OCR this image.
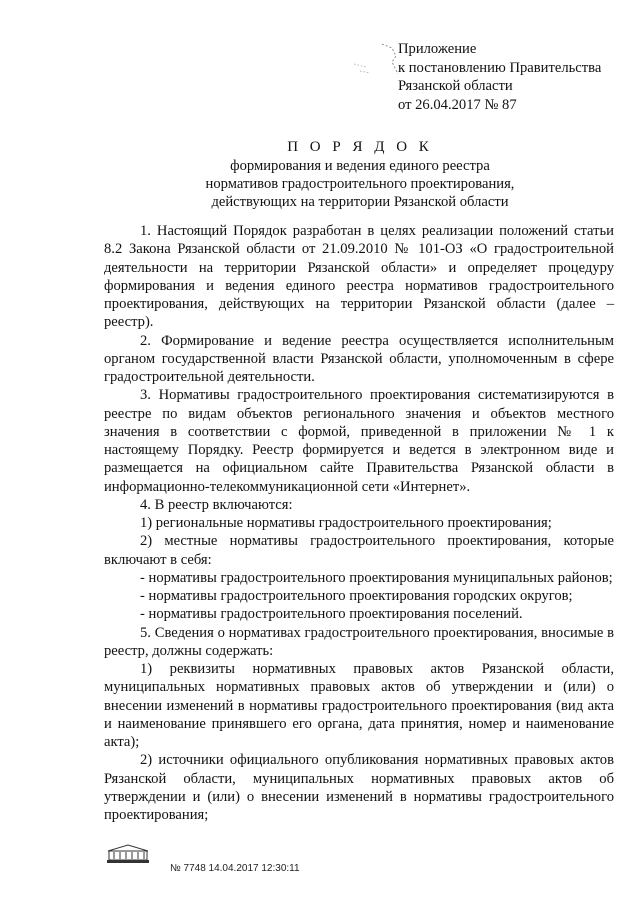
Приложение
к постановлению Правительства
Рязанской области
от 26.04.2017 № 87
П О Р Я Д О К
формирования и ведения единого реестра
нормативов градостроительного проектирования,
действующих на территории Рязанской области

1. Настоящий Порядок разработан в целях реализации положений статьи 8.2 Закона Рязанской области от 21.09.2010 № 101-ОЗ «О градостроительной деятельности на территории Рязанской области» и определяет процедуру формирования и ведения единого реестра нормативов градостроительного проектирования, действующих на территории Рязанской области (далее – реестр).

2. Формирование и ведение реестра осуществляется исполнительным органом государственной власти Рязанской области, уполномоченным в сфере градостроительной деятельности.

3. Нормативы градостроительного проектирования систематизируются в реестре по видам объектов регионального значения и объектов местного значения в соответствии с формой, приведенной в приложении № 1 к настоящему Порядку. Реестр формируется и ведется в электронном виде и размещается на официальном сайте Правительства Рязанской области в информационно-телекоммуникационной сети «Интернет».

4. В реестр включаются:

1) региональные нормативы градостроительного проектирования;

2) местные нормативы градостроительного проектирования, которые включают в себя:

- нормативы градостроительного проектирования муниципальных районов;

- нормативы градостроительного проектирования городских округов;

- нормативы градостроительного проектирования поселений.

5. Сведения о нормативах градостроительного проектирования, вносимые в реестр, должны содержать:

1) реквизиты нормативных правовых актов Рязанской области, муниципальных нормативных правовых актов об утверждении и (или) о внесении изменений в нормативы градостроительного проектирования (вид акта и наименование принявшего его органа, дата принятия, номер и наименование акта);

2) источники официального опубликования нормативных правовых актов Рязанской области, муниципальных нормативных правовых актов об утверждении и (или) о внесении изменений в нормативы градостроительного проектирования;

№ 7748 14.04.2017 12:30:11
